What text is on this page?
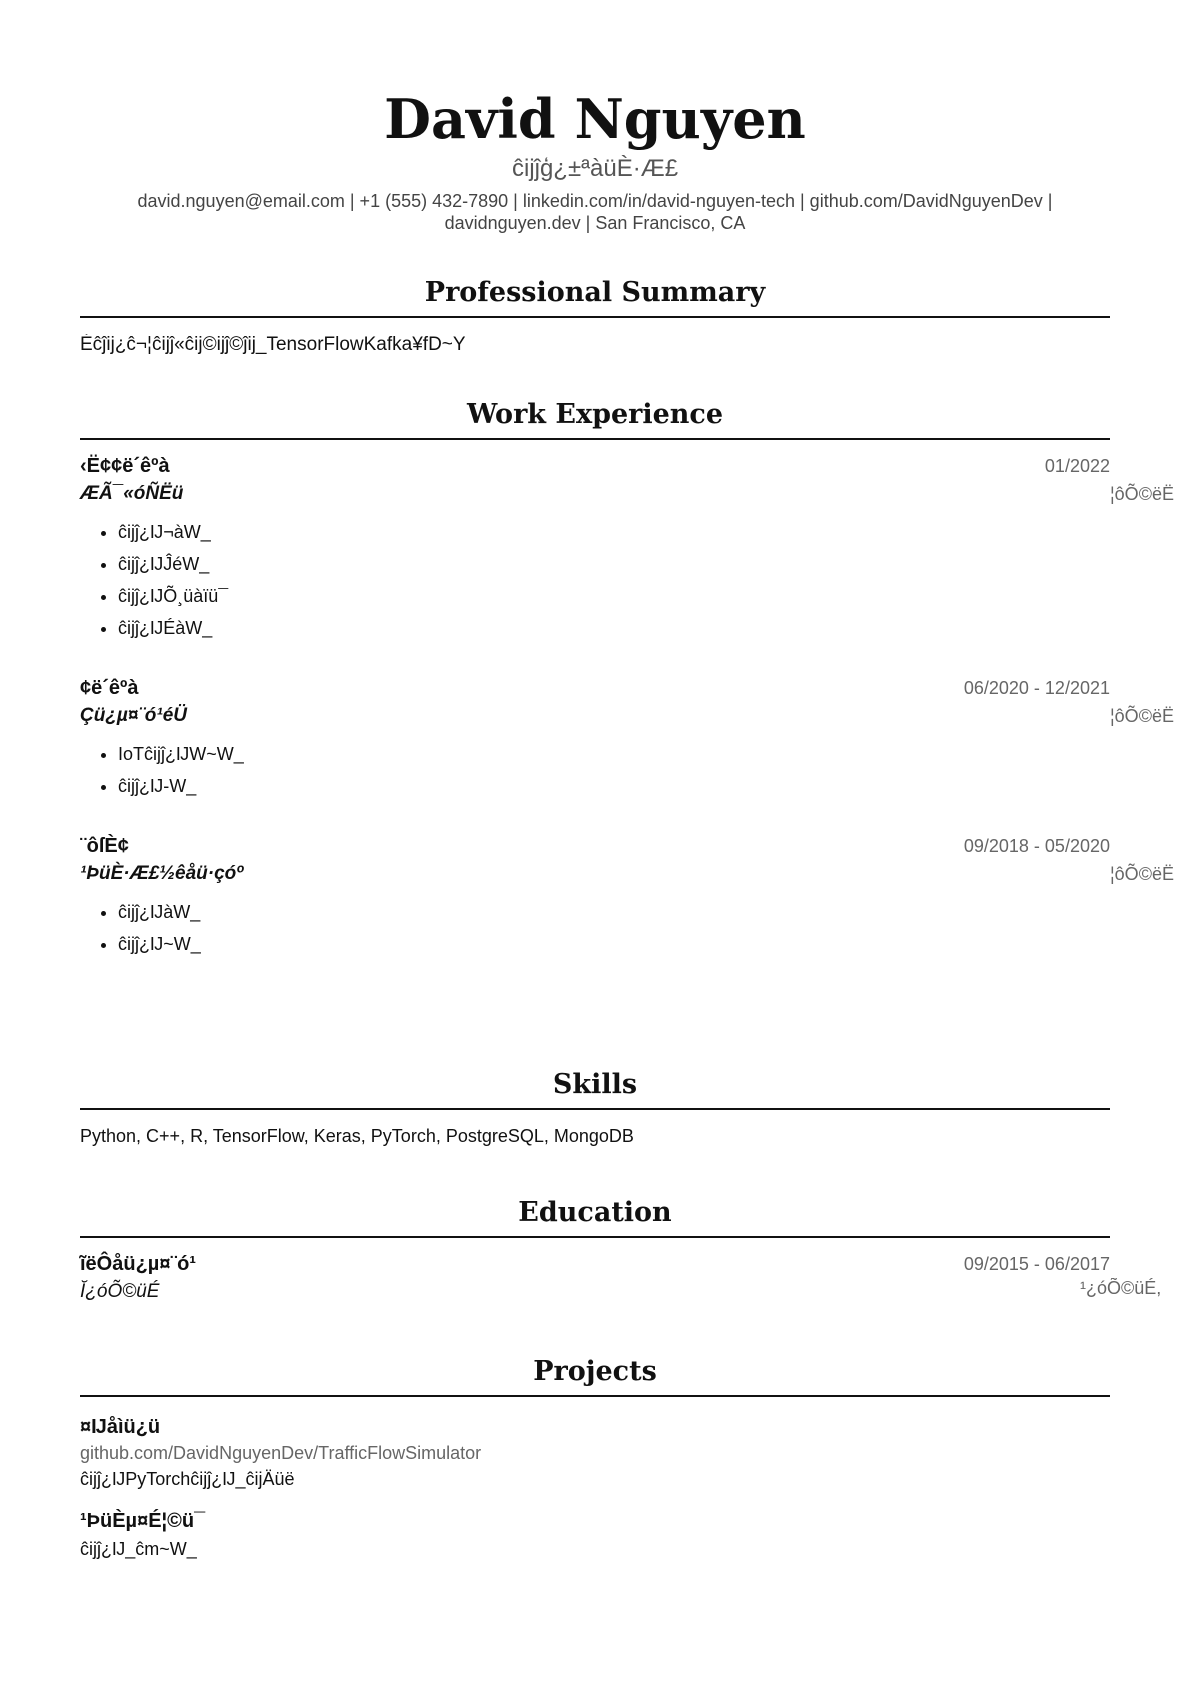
David Nguyen
ĉĳĵģ¿±ªàüÈ·Æ£
david.nguyen@email.com | +1 (555) 432-7890 | linkedin.com/in/david-nguyen-tech | github.com/DavidNguyenDev |
davidnguyen.dev | San Francisco, CA
Professional Summary
Ėĉĵĳ¿ĉ¬¦ĉĳĵ«ĉĳ©ĳĵ©ĵĳ_TensorFlowKafka¥fD~Y
Work Experience
‹Ë¢¢ë´êºà	01/2022
ÆÃ¯«óÑËü	¦ôÕ©ëË
• ĉĳĵ¿Ĳ¬àW_
• ĉĳĵ¿ĲĴéW_
• ĉĳĵ¿ĲÕ¸üàïü¯
• ĉĳĵ¿ĲÉàW_
¢ë´êºà	06/2020 - 12/2021
Çü¿µ¤¨ó¹éÜ	¦ôÕ©ëË
• IoTĉĳĵ¿ĲW~W_
• ĉĳĵ¿Ĳ-W_
¨ôſÈ¢	09/2018 - 05/2020
¹ÞüÈ·Æ£½êåü·çóº	¦ôÕ©ëË
• ĉĳĵ¿ĲàW_
• ĉĳĵ¿Ĳ~W_
Skills
Python, C++, R, TensorFlow, Keras, PyTorch, PostgreSQL, MongoDB
Education
ĩëÔåü¿µ¤¨ó¹	09/2015 - 06/2017
Ĭ¿óÕ©üÉ	¹¿óÕ©üÉ,
Projects
¤Ĳåìü¿ü
github.com/DavidNguyenDev/TrafficFlowSimulator
ĉĳĵ¿ĲPyTorchĉĳĵ¿Ĳ_ĉĳÄüë
¹ÞüÈµ¤É¦©ü¯
ĉĳĵ¿Ĳ_ĉm~W_
